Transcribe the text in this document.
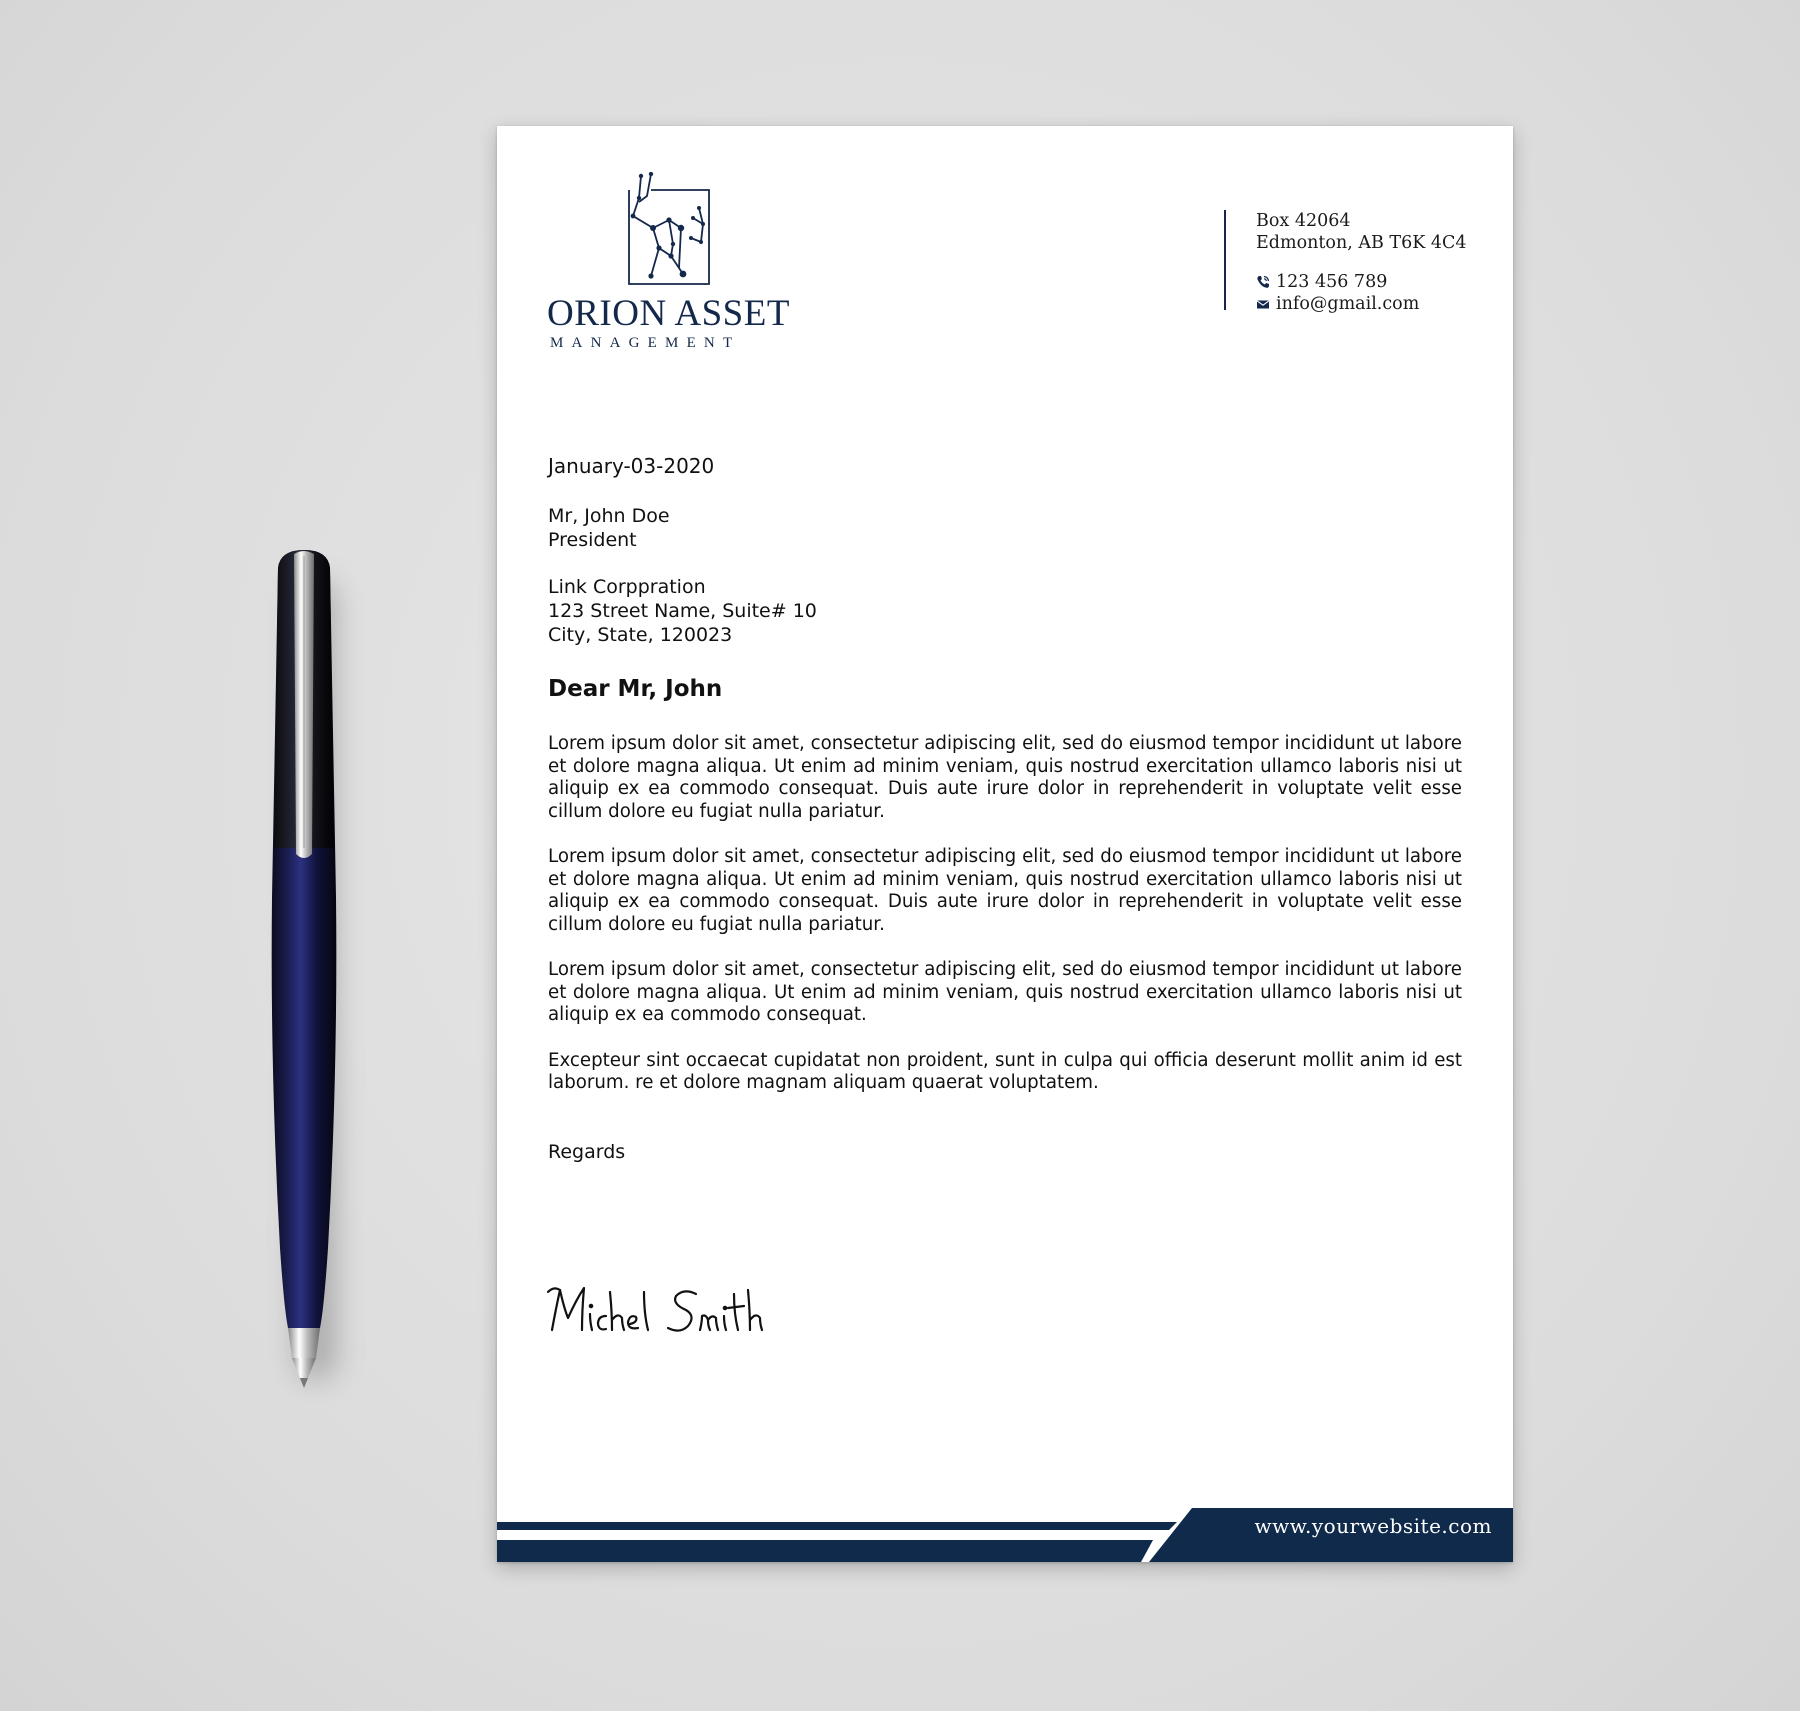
ORION ASSET
MANAGEMENT
Box 42064
Edmonton, AB T6K 4C4
123 456 789
info@gmail.com
January-03-2020
Mr, John Doe
President
Link Corppration
123 Street Name, Suite# 10
City, State, 120023
Dear Mr, John

Lorem ipsum dolor sit amet, consectetur adipiscing elit, sed do eiusmod tempor incididunt ut labore et dolore magna aliqua. Ut enim ad minim veniam, quis nostrud exercitation ullamco laboris nisi ut aliquip ex ea commodo consequat. Duis aute irure dolor in reprehenderit in voluptate velit esse cillum dolore eu fugiat nulla pariatur.

Lorem ipsum dolor sit amet, consectetur adipiscing elit, sed do eiusmod tempor incididunt ut labore et dolore magna aliqua. Ut enim ad minim veniam, quis nostrud exercitation ullamco laboris nisi ut aliquip ex ea commodo consequat. Duis aute irure dolor in reprehenderit in voluptate velit esse cillum dolore eu fugiat nulla pariatur.

Lorem ipsum dolor sit amet, consectetur adipiscing elit, sed do eiusmod tempor incididunt ut labore et dolore magna aliqua. Ut enim ad minim veniam, quis nostrud exercitation ullamco laboris nisi ut aliquip ex ea commodo consequat.

Excepteur sint occaecat cupidatat non proident, sunt in culpa qui officia deserunt mollit anim id est laborum. re et dolore magnam aliquam quaerat voluptatem.

Regards
www.yourwebsite.com
